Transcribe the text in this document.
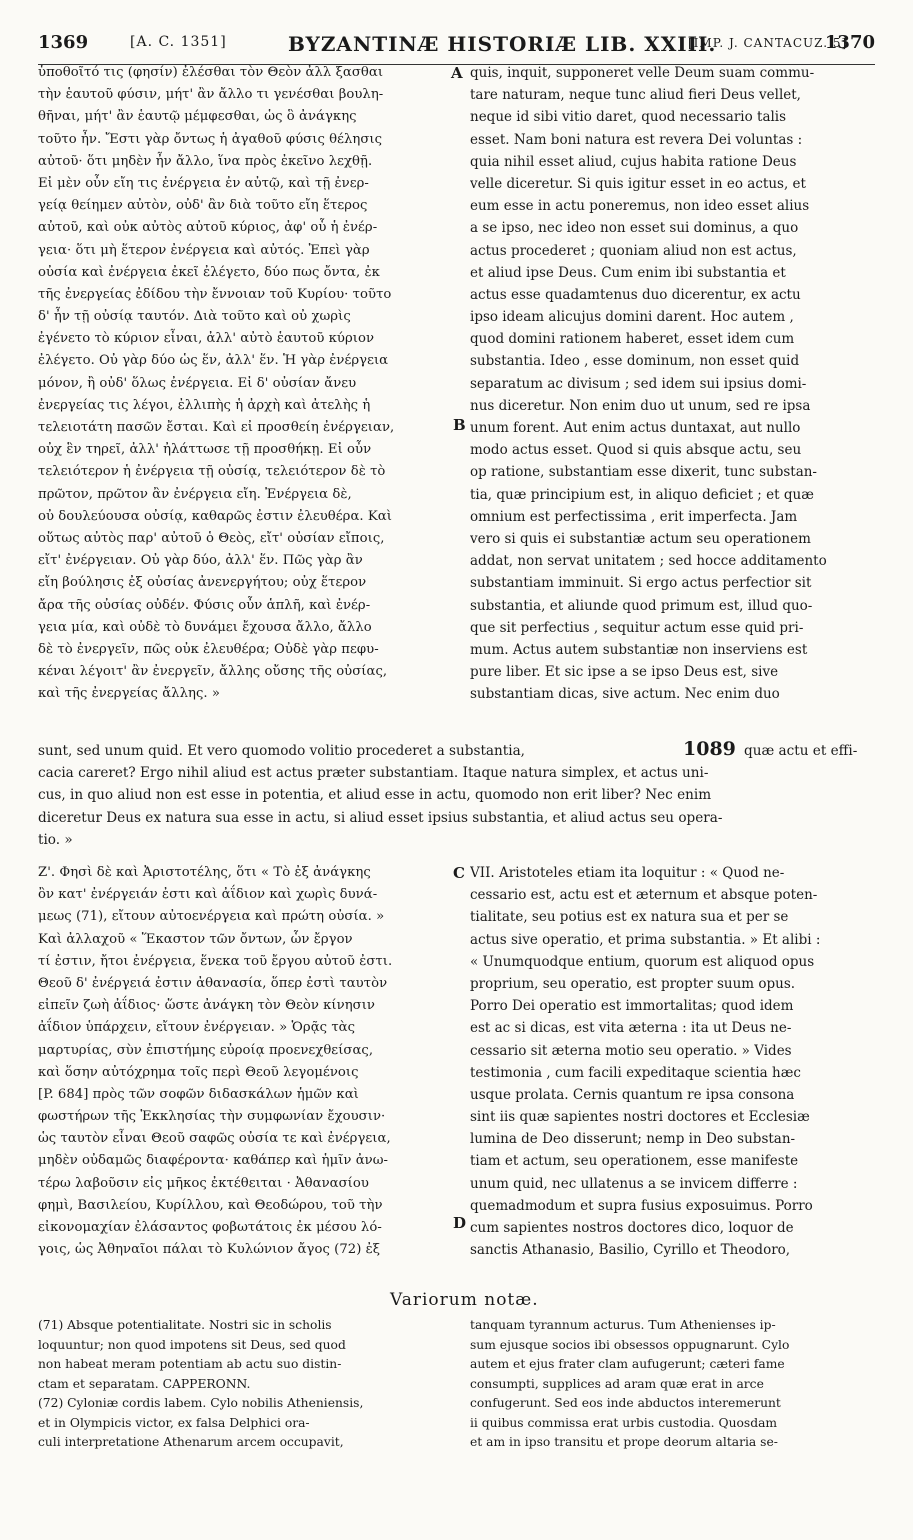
1369	[A. C. 1351]	BYZANTINÆ HISTORIÆ LIB. XXIII.
[IMP. J. CANTACUZ. 5]
1370
ὑποθοῖτό τις (φησίν) ἐλέσθαι τὸν Θεὸν ἀλλ ξασθαι
τὴν ἑαυτοῦ φύσιν, μήτ' ἂν ἄλλο τι γενέσθαι βουλη-
θῆναι, μήτ' ἂν ἑαυτῷ μέμφεσθαι, ὡς ὃ ἀνάγκης
τοῦτο ἦν. Ἔστι γὰρ ὄντως ἡ ἀγαθοῦ φύσις θέλησις
αὐτοῦ· ὅτι μηδὲν ἦν ἄλλο, ἵνα πρὸς ἐκεῖνο λεχθῇ.
Εἰ μὲν οὖν εἴη τις ἐνέργεια ἐν αὐτῷ, καὶ τῇ ἐνερ-
γείᾳ θείημεν αὐτὸν, οὐδ' ἂν διὰ τοῦτο εἴη ἕτερος
αὐτοῦ, καὶ οὐκ αὐτὸς αὐτοῦ κύριος, ἀφ' οὗ ἡ ἐνέρ-
γεια· ὅτι μὴ ἕτερον ἐνέργεια καὶ αὐτός. Ἐπεὶ γὰρ
οὐσία καὶ ἐνέργεια ἐκεῖ ἐλέγετο, δύο πως ὄντα, ἐκ
τῆς ἐνεργείας ἐδίδου τὴν ἔννοιαν τοῦ Κυρίου· τοῦτο
δ' ἦν τῇ οὐσίᾳ ταυτόν. Διὰ τοῦτο καὶ οὐ χωρὶς
ἐγένετο τὸ κύριον εἶναι, ἀλλ' αὐτὸ ἑαυτοῦ κύριον
ἐλέγετο. Οὐ γὰρ δύο ὡς ἕν, ἀλλ' ἕν. Ἡ γὰρ ἐνέργεια
μόνον, ἢ οὐδ' ὅλως ἐνέργεια. Εἰ δ' οὐσίαν ἄνευ
ἐνεργείας τις λέγοι, ἐλλιπὴς ἡ ἀρχὴ καὶ ἀτελὴς ἡ
τελειοτάτη πασῶν ἔσται. Καὶ εἰ προσθείη ἐνέργειαν,
οὐχ ἓν τηρεῖ, ἀλλ' ἠλάττωσε τῇ προσθήκῃ. Εἰ οὖν
τελειότερον ἡ ἐνέργεια τῇ οὐσίᾳ, τελειότερον δὲ τὸ
πρῶτον, πρῶτον ἂν ἐνέργεια εἴη. Ἐνέργεια δὲ,
οὐ δουλεύουσα οὐσίᾳ, καθαρῶς ἐστιν ἐλευθέρα. Καὶ
οὕτως αὐτὸς παρ' αὐτοῦ ὁ Θεὸς, εἴτ' οὐσίαν εἴποις,
εἴτ' ἐνέργειαν. Οὐ γὰρ δύο, ἀλλ' ἕν. Πῶς γὰρ ἂν
εἴη βούλησις ἐξ οὐσίας ἀνενεργήτου; οὐχ ἕτερον
ἄρα τῆς οὐσίας οὐδέν. Φύσις οὖν ἁπλῆ, καὶ ἐνέρ-
γεια μία, καὶ οὐδὲ τὸ δυνάμει ἔχουσα ἄλλο, ἄλλο
δὲ τὸ ἐνεργεῖν, πῶς οὐκ ἐλευθέρα; Οὐδὲ γὰρ πεφυ-
κέναι λέγοιτ' ἂν ἐνεργεῖν, ἄλλης οὔσης τῆς οὐσίας,
καὶ τῆς ἐνεργείας ἄλλης. »
quis, inquit, supponeret velle Deum suam commu-
tare naturam, neque tunc aliud fieri Deus vellet,
neque id sibi vitio daret, quod necessario talis
esset. Nam boni natura est revera Dei voluntas :
quia nihil esset aliud, cujus habita ratione Deus
velle diceretur. Si quis igitur esset in eo actus, et
eum esse in actu poneremus, non ideo esset alius
a se ipso, nec ideo non esset sui dominus, a quo
actus procederet ; quoniam aliud non est actus,
et aliud ipse Deus. Cum enim ibi substantia et
actus esse quadamtenus duo dicerentur, ex actu
ipso ideam alicujus domini darent. Hoc autem ,
quod domini rationem haberet, esset idem cum
substantia. Ideo , esse dominum, non esset quid
separatum ac divisum ; sed idem sui ipsius domi-
nus diceretur. Non enim duo ut unum, sed re ipsa
unum forent. Aut enim actus duntaxat, aut nullo
modo actus esset. Quod si quis absque actu, seu
op ratione, substantiam esse dixerit, tunc substan-
tia, quæ principium est, in aliquo deficiet ; et quæ
omnium est perfectissima , erit imperfecta. Jam
vero si quis ei substantiæ actum seu operationem
addat, non servat unitatem ; sed hocce additamento
substantiam imminuit. Si ergo actus perfectior sit
substantia, et aliunde quod primum est, illud quo-
que sit perfectius , sequitur actum esse quid pri-
mum. Actus autem substantiæ non inserviens est
pure liber. Et sic ipse a se ipso Deus est, sive
substantiam dicas, sive actum. Nec enim duo
A
B
sunt, sed unum quid. Et vero quomodo volitio procederet a substantia,
cacia careret? Ergo nihil aliud est actus præter substantiam. Itaque natura simplex, et actus uni-
cus, in quo aliud non est esse in potentia, et aliud esse in actu, quomodo non erit liber? Nec enim
diceretur Deus ex natura sua esse in actu, si aliud esset ipsius substantia, et aliud actus seu opera-
tio. »
1089 quæ actu et effi-
Ζ'. Φησὶ δὲ καὶ Ἀριστοτέλης, ὅτι « Τὸ ἐξ ἀνάγκης
ὂν κατ' ἐνέργειάν ἐστι καὶ ἀΐδιον καὶ χωρὶς δυνά-
μεως (71), εἴτουν αὐτοενέργεια καὶ πρώτη οὐσία. »
Καὶ ἀλλαχοῦ « Ἕκαστον τῶν ὄντων, ὧν ἔργον
τί ἐστιν, ἤτοι ἐνέργεια, ἕνεκα τοῦ ἔργου αὐτοῦ ἐστι.
Θεοῦ δ' ἐνέργειά ἐστιν ἀθανασία, ὅπερ ἐστὶ ταυτὸν
εἰπεῖν ζωὴ ἀΐδιος· ὥστε ἀνάγκη τὸν Θεὸν κίνησιν
ἀΐδιον ὑπάρχειν, εἴτουν ἐνέργειαν. » Ὁρᾷς τὰς
μαρτυρίας, σὺν ἐπιστήμης εὐροίᾳ προενεχθείσας,
καὶ ὅσην αὐτόχρημα τοῖς περὶ Θεοῦ λεγομένοις
[P. 684] πρὸς τῶν σοφῶν διδασκάλων ἡμῶν καὶ
φωστήρων τῆς Ἐκκλησίας τὴν συμφωνίαν ἔχουσιν·
ὡς ταυτὸν εἶναι Θεοῦ σαφῶς οὐσία τε καὶ ἐνέργεια,
μηδὲν οὐδαμῶς διαφέροντα· καθάπερ καὶ ἡμῖν ἀνω-
τέρω λαβοῦσιν εἰς μῆκος ἐκτέθειται · Ἀθανασίου
φημὶ, Βασιλείου, Κυρίλλου, καὶ Θεοδώρου, τοῦ τὴν
εἰκονομαχίαν ἐλάσαντος φοβωτάτοις ἐκ μέσου λό-
γοις, ὡς Ἀθηναῖοι πάλαι τὸ Κυλώνιον ἄγος (72) ἐξ
VII. Aristoteles etiam ita loquitur : « Quod ne-
cessario est, actu est et æternum et absque poten-
tialitate, seu potius est ex natura sua et per se
actus sive operatio, et prima substantia. » Et alibi :
« Unumquodque entium, quorum est aliquod opus
proprium, seu operatio, est propter suum opus.
Porro Dei operatio est immortalitas; quod idem
est ac si dicas, est vita æterna : ita ut Deus ne-
cessario sit æterna motio seu operatio. » Vides
testimonia , cum facili expeditaque scientia hæc
usque prolata. Cernis quantum re ipsa consona
sint iis quæ sapientes nostri doctores et Ecclesiæ
lumina de Deo disserunt; nemp in Deo substan-
tiam et actum, seu operationem, esse manifeste
unum quid, nec ullatenus a se invicem differre :
quemadmodum et supra fusius exposuimus. Porro
cum sapientes nostros doctores dico, loquor de
sanctis Athanasio, Basilio, Cyrillo et Theodoro,
C
D
Variorum notæ.
(71) Absque potentialitate. Nostri sic in scholis
loquuntur; non quod impotens sit Deus, sed quod
non habeat meram potentiam ab actu suo distin-
ctam et separatam. CAPPERONN.
(72) Cyloniæ cordis labem. Cylo nobilis Atheniensis,
et in Olympicis victor, ex falsa Delphici ora-
culi interpretatione Athenarum arcem occupavit,
tanquam tyrannum acturus. Tum Athenienses ip-
sum ejusque socios ibi obsessos oppugnarunt. Cylo
autem et ejus frater clam aufugerunt; cæteri fame
consumpti, supplices ad aram quæ erat in arce
confugerunt. Sed eos inde abductos interemerunt
ii quibus commissa erat urbis custodia. Quosdam
et am in ipso transitu et prope deorum altaria se-
